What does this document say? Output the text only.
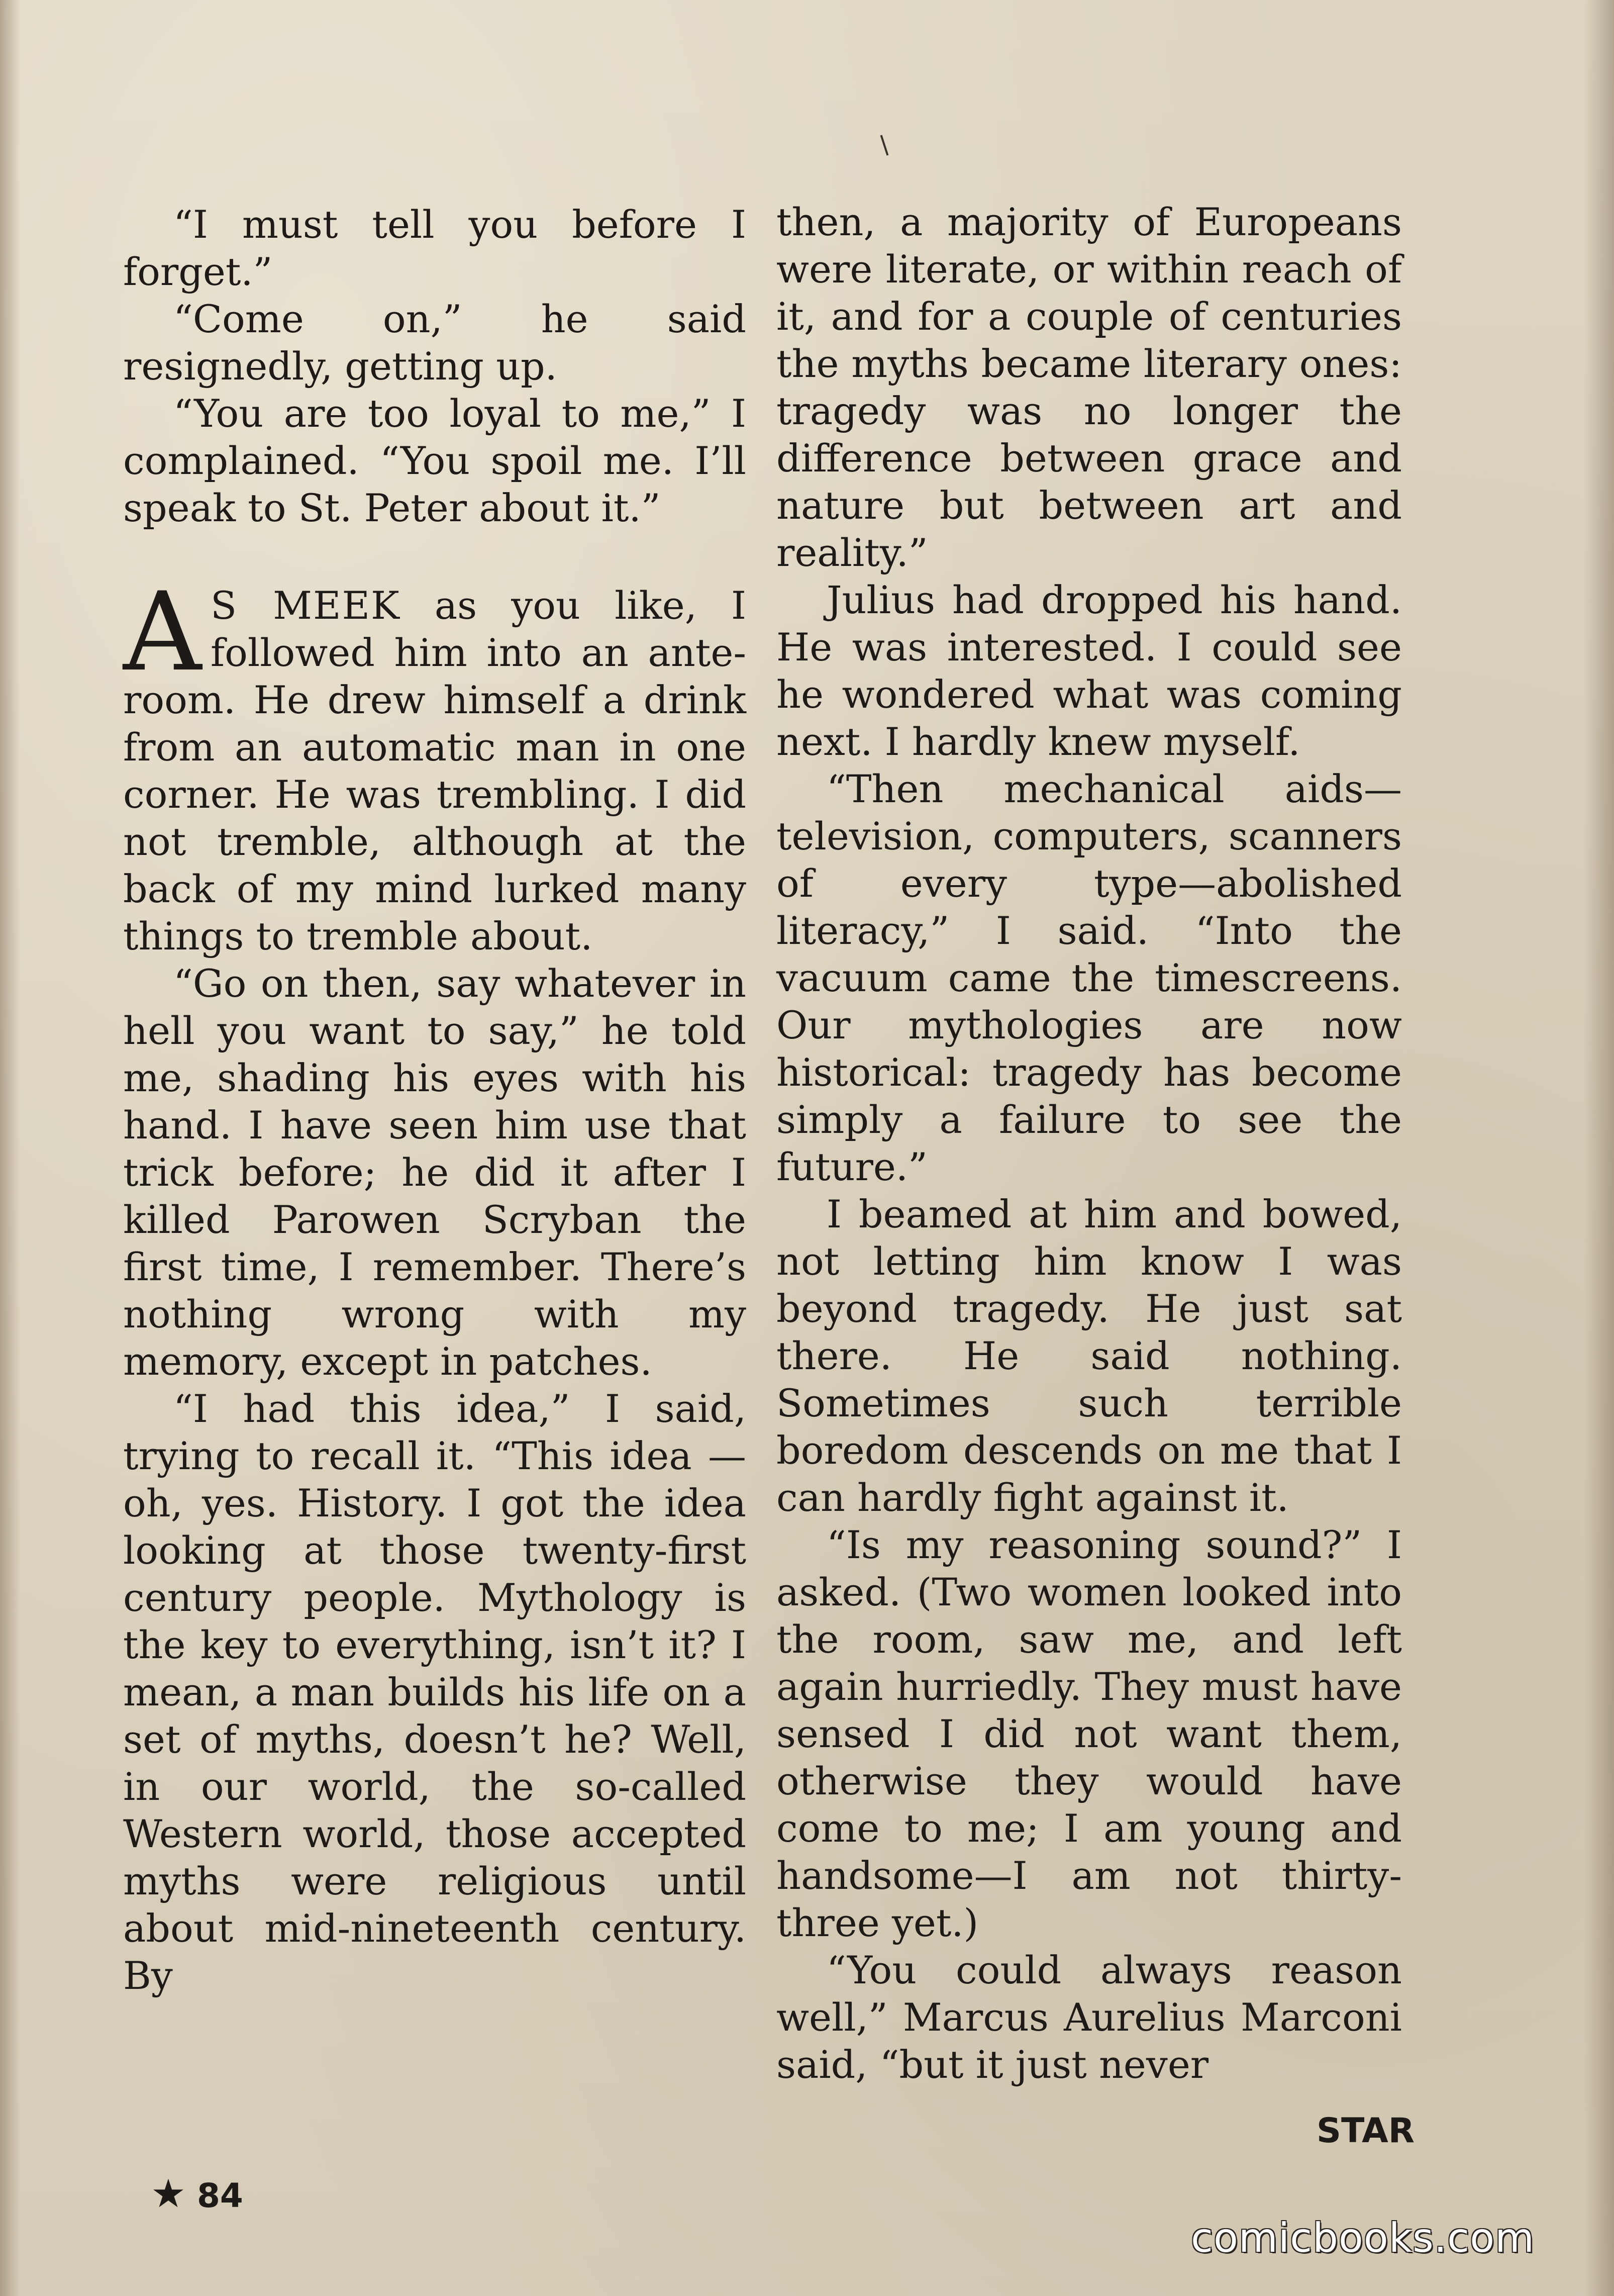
“I must tell you before I forget.”

“Come on,” he said resignedly, getting up.

“You are too loyal to me,” I complained. “You spoil me. I’ll speak to St. Peter about it.”

A S MEEK as you like, I followed him into an ante-room. He drew himself a drink from an automatic man in one corner. He was trembling. I did not tremble, although at the back of my mind lurked many things to tremble about.

“Go on then, say whatever in hell you want to say,” he told me, shading his eyes with his hand. I have seen him use that trick before; he did it after I killed Parowen Scryban the first time, I remember. There’s nothing wrong with my memory, except in patches.

“I had this idea,” I said, trying to recall it. “This idea —oh, yes. History. I got the idea looking at those twenty-first century people. Mythology is the key to everything, isn’t it? I mean, a man builds his life on a set of myths, doesn’t he? Well, in our world, the so-called Western world, those accepted myths were religious until about mid-nineteenth century. By

then, a majority of Europeans were literate, or within reach of it, and for a couple of centuries the myths became literary ones: tragedy was no longer the difference between grace and nature but between art and reality.”

Julius had dropped his hand. He was interested. I could see he wondered what was coming next. I hardly knew myself.

“Then mechanical aids—television, computers, scanners of every type—abolished literacy,” I said. “Into the vacuum came the timescreens. Our mythologies are now historical: tragedy has become simply a failure to see the future.”

I beamed at him and bowed, not letting him know I was beyond tragedy. He just sat there. He said nothing. Sometimes such terrible boredom descends on me that I can hardly fight against it.

“Is my reasoning sound?” I asked. (Two women looked into the room, saw me, and left again hurriedly. They must have sensed I did not want them, otherwise they would have come to me; I am young and handsome—I am not thirty-three yet.)

“You could always reason well,” Marcus Aurelius Marconi said, “but it just never

★ 84
STAR
comicbooks.com
